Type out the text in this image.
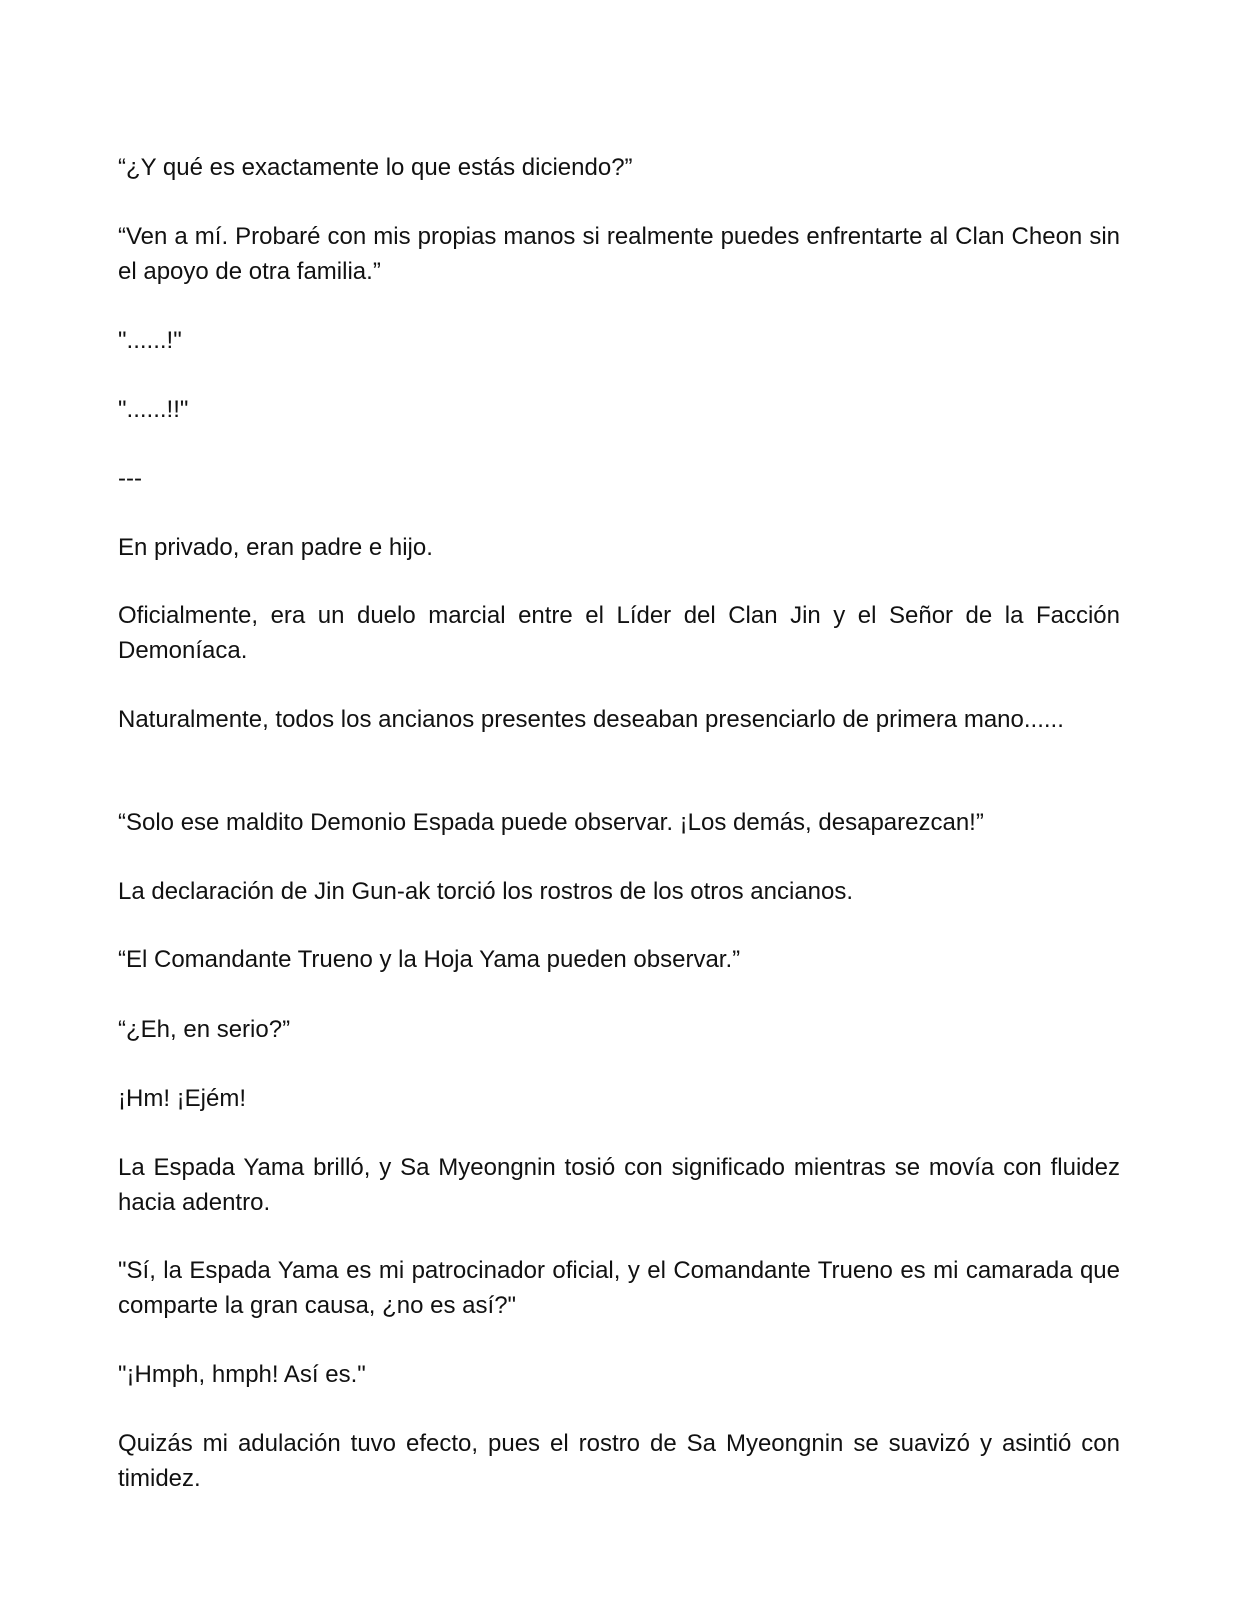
“¿Y qué es exactamente lo que estás diciendo?”

“Ven a mí. Probaré con mis propias manos si realmente puedes enfrentarte al Clan Cheon sin el apoyo de otra familia.”

"......!"

"......!!"

---

En privado, eran padre e hijo.

Oficialmente, era un duelo marcial entre el Líder del Clan Jin y el Señor de la Facción Demoníaca.

Naturalmente, todos los ancianos presentes deseaban presenciarlo de primera mano......

“Solo ese maldito Demonio Espada puede observar. ¡Los demás, desaparezcan!”

La declaración de Jin Gun-ak torció los rostros de los otros ancianos.

“El Comandante Trueno y la Hoja Yama pueden observar.”

“¿Eh, en serio?”

¡Hm! ¡Ejém!

La Espada Yama brilló, y Sa Myeongnin tosió con significado mientras se movía con fluidez hacia adentro.

"Sí, la Espada Yama es mi patrocinador oficial, y el Comandante Trueno es mi camarada que comparte la gran causa, ¿no es así?"

"¡Hmph, hmph! Así es."

Quizás mi adulación tuvo efecto, pues el rostro de Sa Myeongnin se suavizó y asintió con timidez.
